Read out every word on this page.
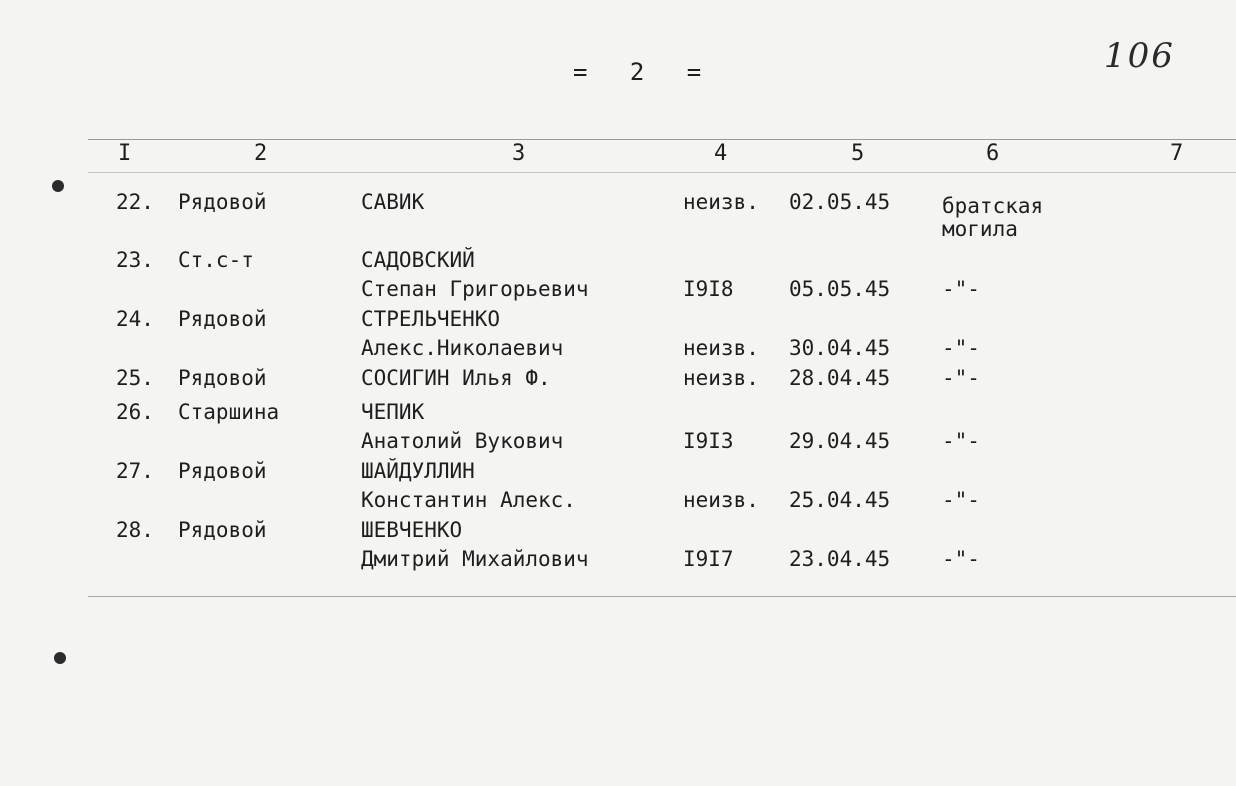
= 2 =	106
I	2	3	4	5	6	7
22. Рядовой	САВИК	неизв. 02.05.45 братская
могила
23. Ст.с-т	САДОВСКИЙ
Степан Григорьевич	I9I8	05.05.45 -"-
24. Рядовой	СТРЕЛЬЧЕНКО
Алекс.Николаевич	неизв. 30.04.45 -"-
25. Рядовой	СОСИГИН Илья Ф.	неизв. 28.04.45 -"-
26. Старшина	ЧЕПИК
Анатолий Вукович	I9I3	29.04.45 -"-
27. Рядовой	ШАЙДУЛЛИН
Константин Алекс.	неизв. 25.04.45 -"-
28. Рядовой	ШЕВЧЕНКО
Дмитрий Михайлович	I9I7	23.04.45 -"-
